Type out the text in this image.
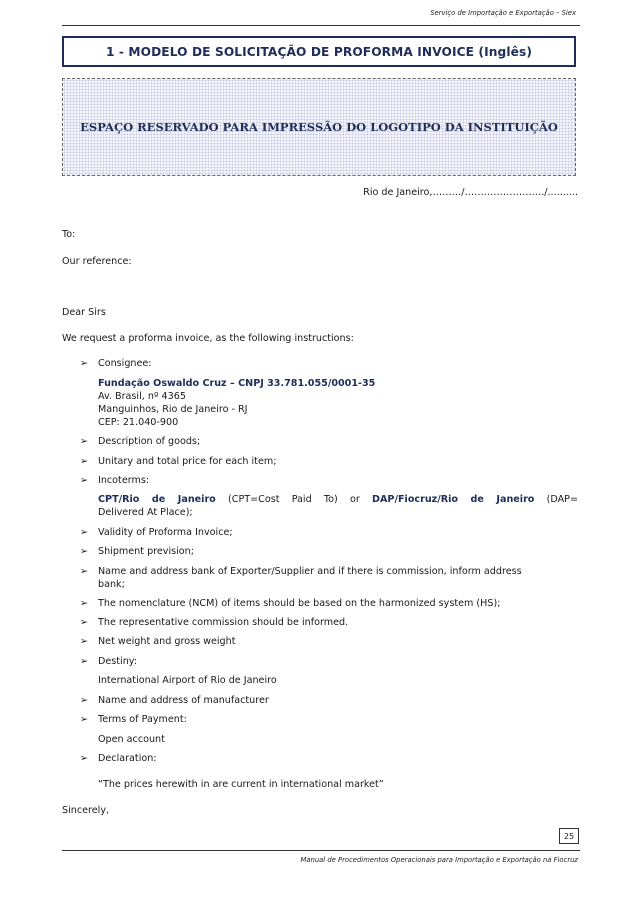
Serviço de Importação e Exportação – Siex
1 - MODELO DE SOLICITAÇÃO DE PROFORMA INVOICE (Inglês)
ESPAÇO RESERVADO PARA IMPRESSÃO DO LOGOTIPO DA INSTITUIÇÃO
Rio de Janeiro,………/……………………./..........
To:
Our reference:
Dear Sirs
We request a proforma invoice, as the following instructions:
➢ Consignee:
Fundação Oswaldo Cruz – CNPJ 33.781.055/0001-35
Av. Brasil, nº 4365
Manguinhos, Rio de Janeiro - RJ
CEP: 21.040-900
➢ Description of goods;
➢ Unitary and total price for each item;
➢ Incoterms:
CPT/Rio de Janeiro (CPT=Cost Paid To) or DAP/Fiocruz/Rio de Janeiro (DAP=
Delivered At Place);
➢ Validity of Proforma Invoice;
➢ Shipment prevision;
➢ Name and address bank of Exporter/Supplier and if there is commission, inform address
bank;
➢ The nomenclature (NCM) of items should be based on the harmonized system (HS);
➢ The representative commission should be informed.
➢ Net weight and gross weight
➢ Destiny:
International Airport of Rio de Janeiro
➢ Name and address of manufacturer
➢ Terms of Payment:
Open account
➢ Declaration:
“The prices herewith in are current in international market”
Sincerely,
25
Manual de Procedimentos Operacionais para Importação e Exportação na Fiocruz
